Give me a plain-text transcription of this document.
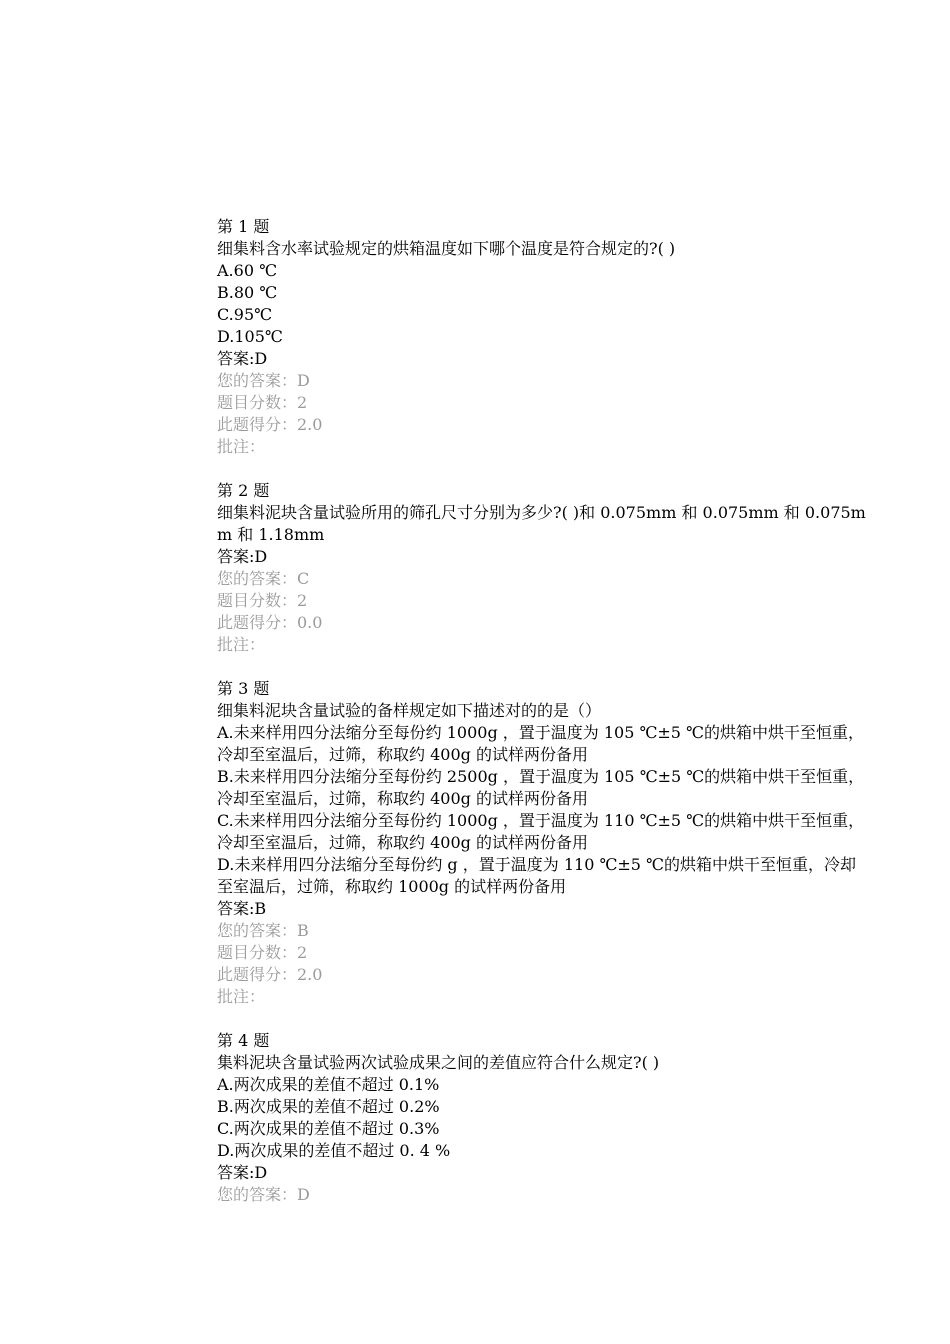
第 1 题
细集料含水率试验规定的烘箱温度如下哪个温度是符合规定的?( )
A.60 ℃
B.80 ℃
C.95℃
D.105℃
答案:D
您的答案：D
题目分数：2
此题得分：2.0
批注：
第 2 题
细集料泥块含量试验所用的筛孔尺寸分别为多少?( )和 0.075mm 和 0.075mm 和 0.075mm 和 1.18mm
答案:D
您的答案：C
题目分数：2
此题得分：0.0
批注：
第 3 题
细集料泥块含量试验的备样规定如下描述对的的是（）
A.未来样用四分法缩分至每份约 1000g ，置于温度为 105 ℃±5 ℃的烘箱中烘干至恒重，冷却至室温后，过筛，称取约 400g 的试样两份备用
B.未来样用四分法缩分至每份约 2500g ，置于温度为 105 ℃±5 ℃的烘箱中烘干至恒重，冷却至室温后，过筛，称取约 400g 的试样两份备用
C.未来样用四分法缩分至每份约 1000g ，置于温度为 110 ℃±5 ℃的烘箱中烘干至恒重，冷却至室温后，过筛，称取约 400g 的试样两份备用
D.未来样用四分法缩分至每份约 g ，置于温度为 110 ℃±5 ℃的烘箱中烘干至恒重，冷却至室温后，过筛，称取约 1000g 的试样两份备用
答案:B
您的答案：B
题目分数：2
此题得分：2.0
批注：
第 4 题
集料泥块含量试验两次试验成果之间的差值应符合什么规定?( )
A.两次成果的差值不超过 0.1%
B.两次成果的差值不超过 0.2%
C.两次成果的差值不超过 0.3%
D.两次成果的差值不超过 0. 4 %
答案:D
您的答案：D
